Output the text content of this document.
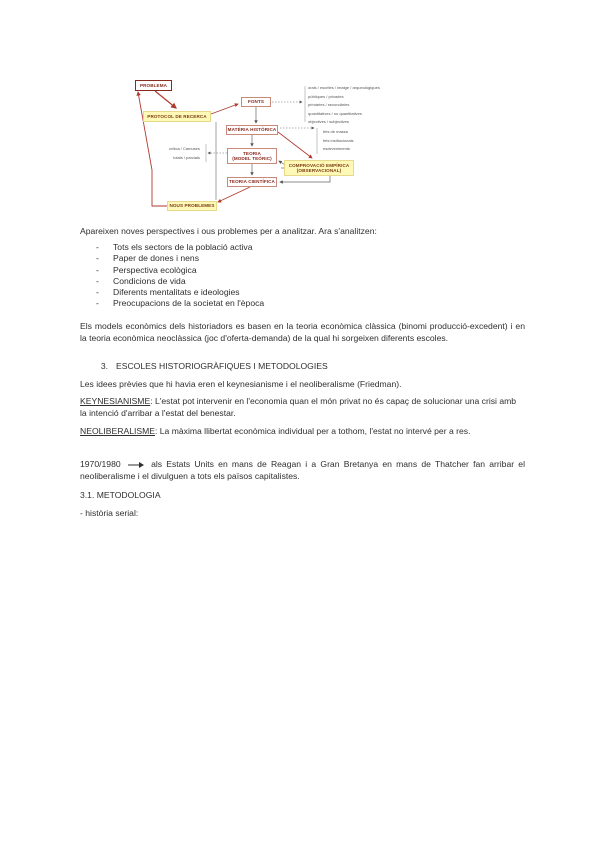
PROBLEMA
PROTOCOL DE RECERCA
FONTS
MATÈRIA HISTÒRICA
TEORIA
(MODEL TEÒRIC)
COMPROVACIÓ EMPÍRICA
(OBSERVACIONAL)
TEORIA CIENTÍFICA
NOUS PROBLEMES
orals / escrites / imatge / arqueològiques
públiques / privades
primàries / secundàries
quantitatives / no quantitatives
objectives / subjectives
fets de massa
fets institucionals
esdeveniments
crítica / Camuses
totals / parcials
Apareixen noves perspectives i ous problemes per a analitzar. Ara s'analitzen:
- Tots els sectors de la població activa
- Paper de dones i nens
- Perspectiva ecològica
- Condicions de vida
- Diferents mentalitats e ideologies
- Preocupacions de la societat en l'època
Els models econòmics dels historiadors es basen en la teoria econòmica clàssica (binomi producció-excedent) i en la teoria econòmica neoclàssica (joc d'oferta-demanda) de la qual hi sorgeixen diferents escoles.
3. ESCOLES HISTORIOGRÀFIQUES I METODOLOGIES
Les idees prèvies que hi havia eren el keynesianisme i el neoliberalisme (Friedman).
KEYNESIANISME: L'estat pot intervenir en l'economia quan el món privat no és capaç de solucionar una crisi amb la intenció d'arribar a l'estat del benestar.
NEOLIBERALISME: La màxima llibertat econòmica individual per a tothom, l'estat no intervé per a res.
1970/1980	als Estats Units en mans de Reagan i a Gran Bretanya en mans de Thatcher fan arribar el neoliberalisme i el divulguen a tots els països capitalistes.
3.1. METODOLOGIA
- història serial:
